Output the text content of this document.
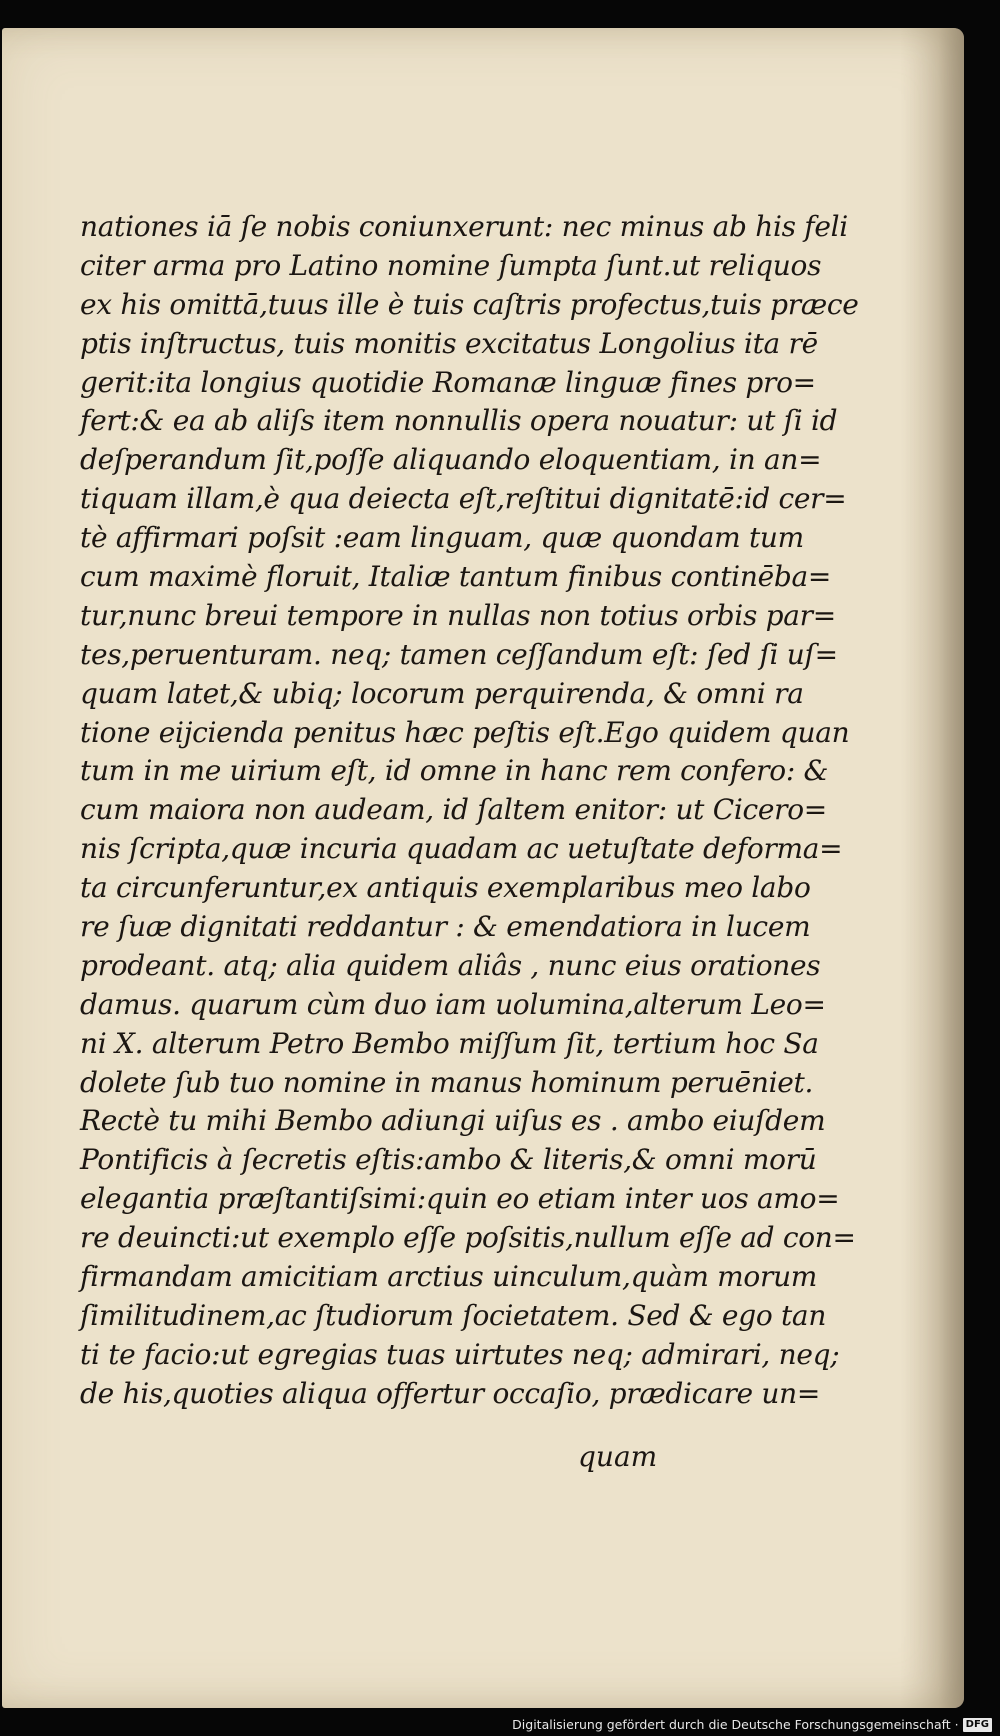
nationes iā ſe nobis coniunxerunt: nec minus ab his feli
citer arma pro Latino nomine ſumpta ſunt.ut reliquos
ex his omittā,tuus ille è tuis caſtris profectus,tuis præce
ptis inſtructus, tuis monitis excitatus Longolius ita rē
gerit:ita longius quotidie Romanæ linguæ fines pro=
fert:& ea ab aliſs item nonnullis opera nouatur: ut ſi id
deſperandum ſit,poſſe aliquando eloquentiam, in an=
tiquam illam,è qua deiecta eſt,reſtitui dignitatē:id cer=
tè affirmari poſsit :eam linguam, quæ quondam tum
cum maximè floruit, Italiæ tantum finibus continēba=
tur,nunc breui tempore in nullas non totius orbis par=
tes,peruenturam. neq; tamen ceſſandum eſt: ſed ſi uſ=
quam latet,& ubiq; locorum perquirenda, & omni ra
tione eijcienda penitus hæc peſtis eſt.Ego quidem quan
tum in me uirium eſt, id omne in hanc rem confero: &
cum maiora non audeam, id ſaltem enitor: ut Cicero=
nis ſcripta,quæ incuria quadam ac uetuſtate deforma=
ta circunferuntur,ex antiquis exemplaribus meo labo
re ſuæ dignitati reddantur : & emendatiora in lucem
prodeant. atq; alia quidem aliâs , nunc eius orationes
damus. quarum cùm duo iam uolumina,alterum Leo=
ni X. alterum Petro Bembo miſſum ſit, tertium hoc Sa
dolete ſub tuo nomine in manus hominum peruēniet.
Rectè tu mihi Bembo adiungi uiſus es . ambo eiuſdem
Pontificis à ſecretis eſtis:ambo & literis,& omni morū
elegantia præſtantiſsimi:quin eo etiam inter uos amo=
re deuincti:ut exemplo eſſe poſsitis,nullum eſſe ad con=
firmandam amicitiam arctius uinculum,quàm morum
ſimilitudinem,ac ſtudiorum ſocietatem. Sed & ego tan
ti te facio:ut egregias tuas uirtutes neq; admirari, neq;
de his,quoties aliqua offertur occaſio, prædicare un=
quam
Digitalisierung gefördert durch die Deutsche Forschungsgemeinschaft · DFG
